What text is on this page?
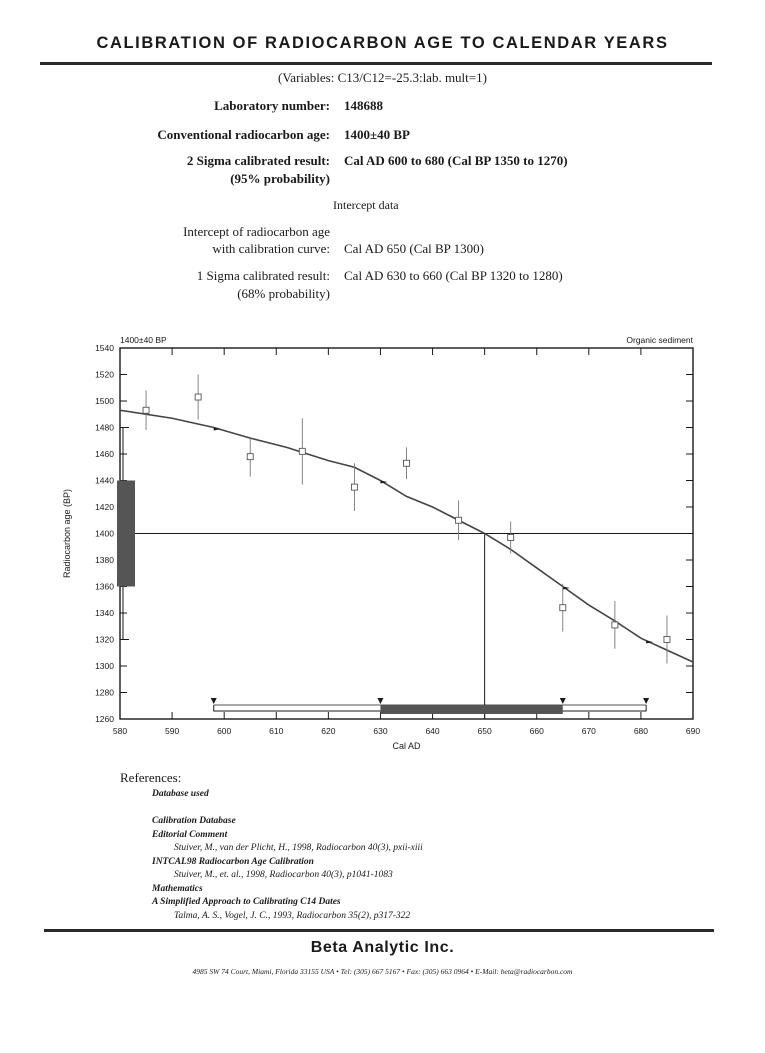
CALIBRATION OF RADIOCARBON AGE TO CALENDAR YEARS
(Variables: C13/C12=-25.3:lab. mult=1)
Laboratory number: 148688
Conventional radiocarbon age: 1400±40 BP
2 Sigma calibrated result:
(95% probability)
Cal AD 600 to 680 (Cal BP 1350 to 1270)
Intercept data
Intercept of radiocarbon age
with calibration curve: Cal AD 650 (Cal BP 1300)
1 Sigma calibrated result:
(68% probability)
Cal AD 630 to 660 (Cal BP 1320 to 1280)
1260
1280
1300
1320
1340
1360
1380
1400
1420
1440
1460
1480
1500
1520
1540
580	590	600	610	620	630	640	650	660	670	680	690
Cal AD
Radiocarbon age (BP)
1400±40 BP	Organic sediment
References:
Database used
Calibration Database
Editorial Comment
Stuiver, M., van der Plicht, H., 1998, Radiocarbon 40(3), pxii-xiii
INTCAL98 Radiocarbon Age Calibration
Stuiver, M., et. al., 1998, Radiocarbon 40(3), p1041-1083
Mathematics
A Simplified Approach to Calibrating C14 Dates
Talma, A. S., Vogel, J. C., 1993, Radiocarbon 35(2), p317-322
Beta Analytic Inc.
4985 SW 74 Court, Miami, Florida 33155 USA • Tel: (305) 667 5167 • Fax: (305) 663 0964 • E-Mail: beta@radiocarbon.com
